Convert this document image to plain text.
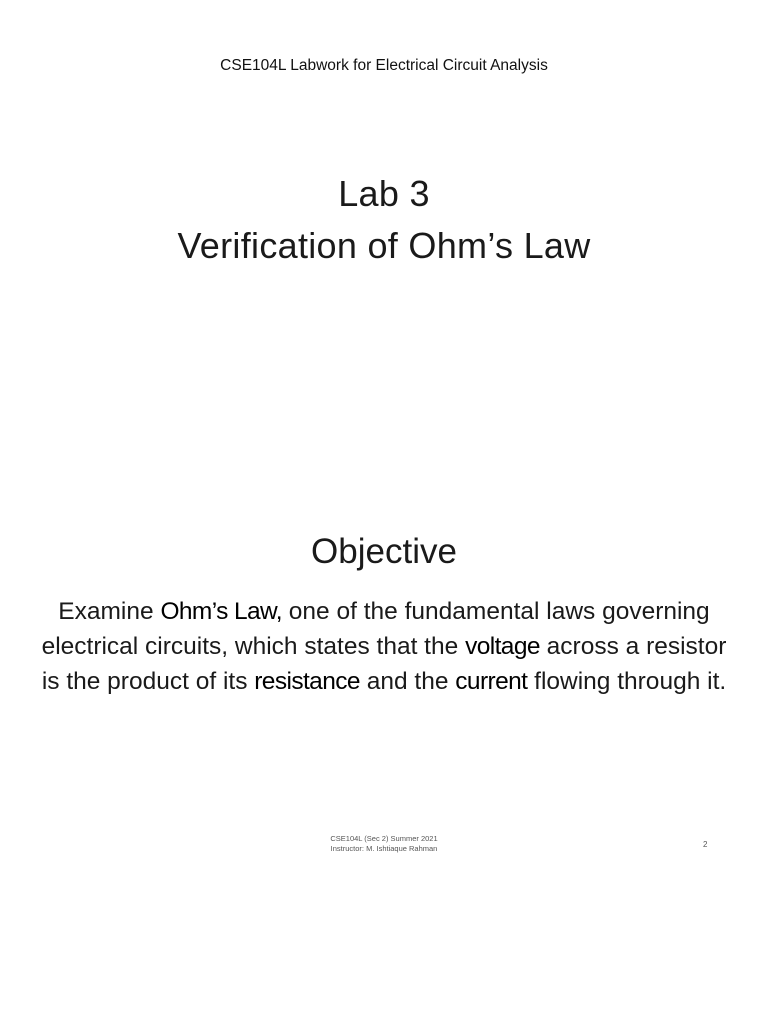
CSE104L Labwork for Electrical Circuit Analysis
Lab 3
Verification of Ohm’s Law
Objective
Examine Ohm’s Law, one of the fundamental laws governing electrical circuits, which states that the voltage across a resistor is the product of its resistance and the current flowing through it.
CSE104L (Sec 2) Summer 2021
Instructor: M. Ishtiaque Rahman	2
